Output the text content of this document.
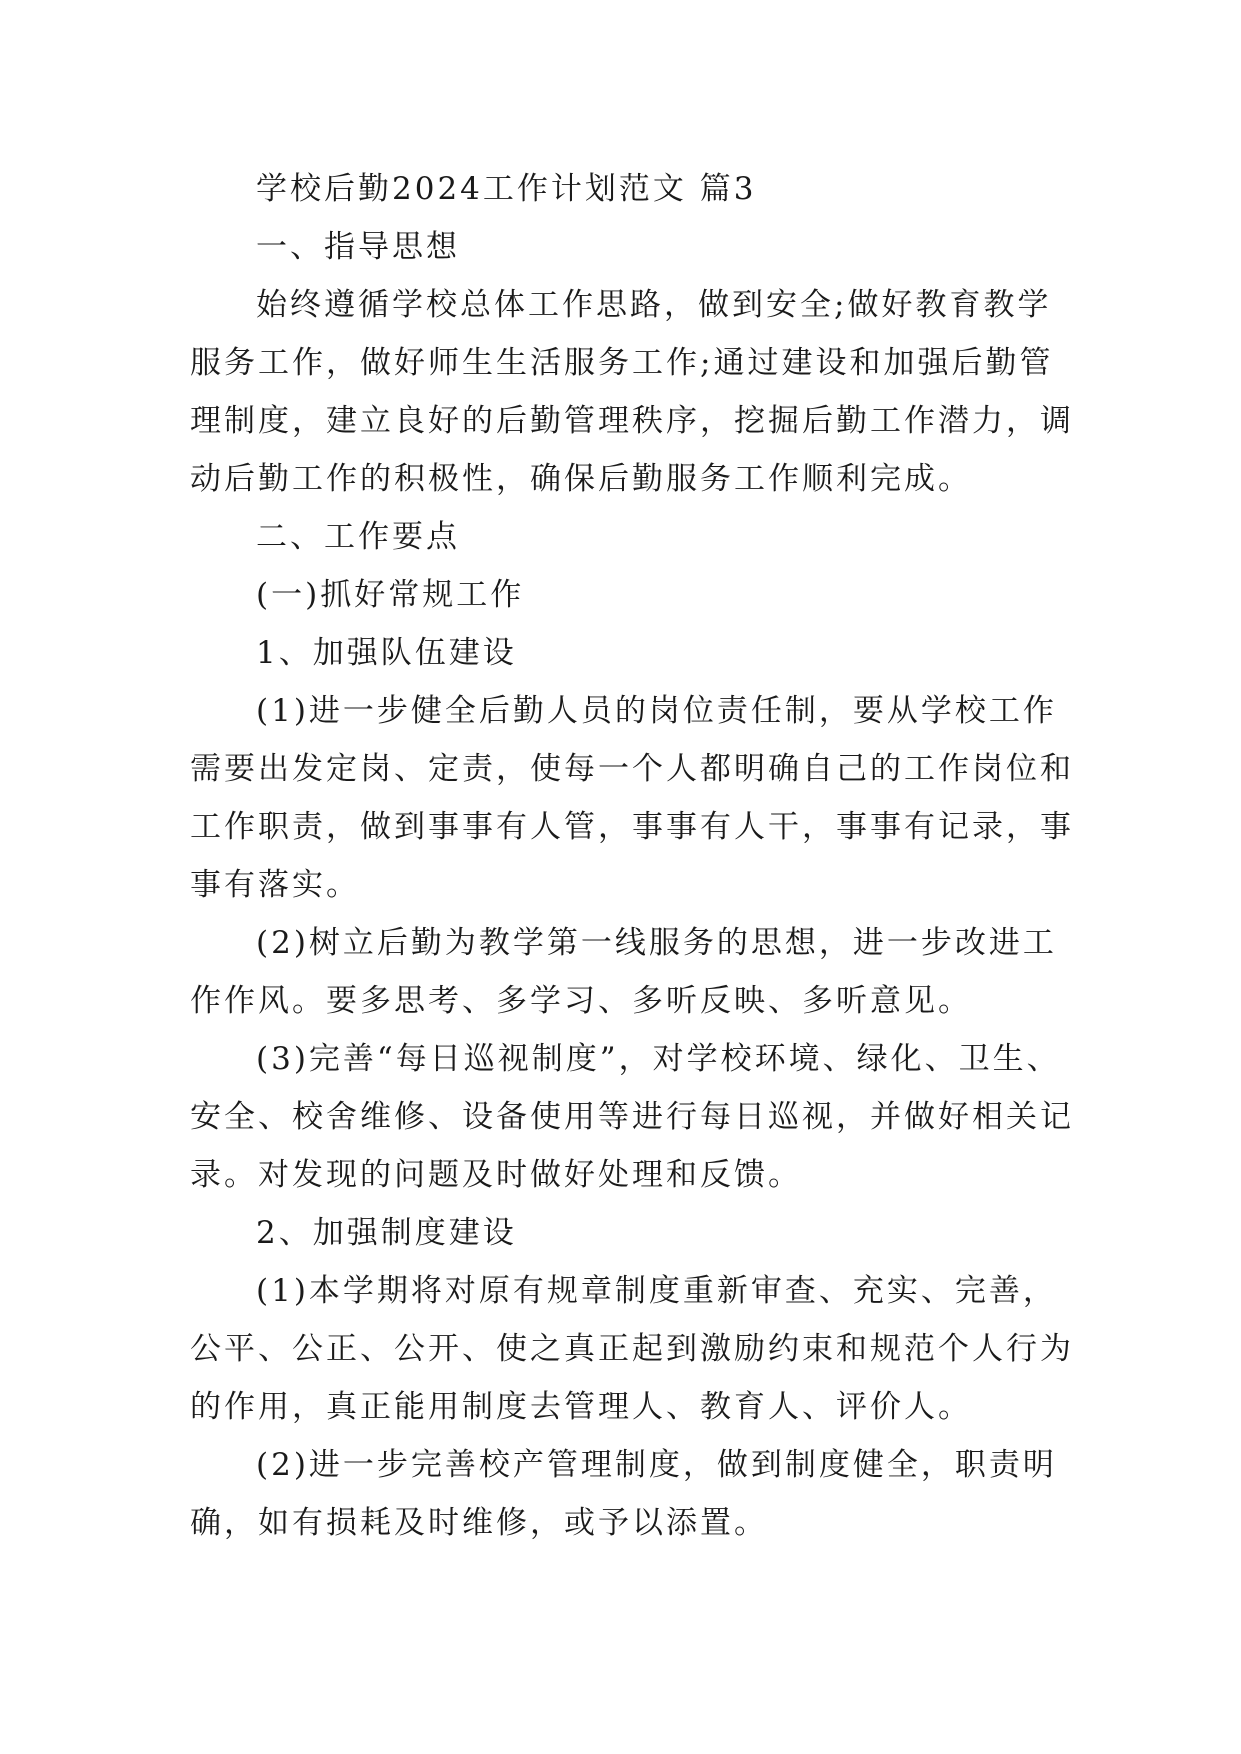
学校后勤2024工作计划范文 篇3

一、指导思想

始终遵循学校总体工作思路，做到安全;做好教育教学

服务工作，做好师生生活服务工作;通过建设和加强后勤管

理制度，建立良好的后勤管理秩序，挖掘后勤工作潜力，调

动后勤工作的积极性，确保后勤服务工作顺利完成。

二、工作要点

(一)抓好常规工作

1、加强队伍建设

(1)进一步健全后勤人员的岗位责任制，要从学校工作

需要出发定岗、定责，使每一个人都明确自己的工作岗位和

工作职责，做到事事有人管，事事有人干，事事有记录，事

事有落实。

(2)树立后勤为教学第一线服务的思想，进一步改进工

作作风。要多思考、多学习、多听反映、多听意见。

(3)完善“每日巡视制度”，对学校环境、绿化、卫生、

安全、校舍维修、设备使用等进行每日巡视，并做好相关记

录。对发现的问题及时做好处理和反馈。

2、加强制度建设

(1)本学期将对原有规章制度重新审查、充实、完善，

公平、公正、公开、使之真正起到激励约束和规范个人行为

的作用，真正能用制度去管理人、教育人、评价人。

(2)进一步完善校产管理制度，做到制度健全，职责明

确，如有损耗及时维修，或予以添置。
